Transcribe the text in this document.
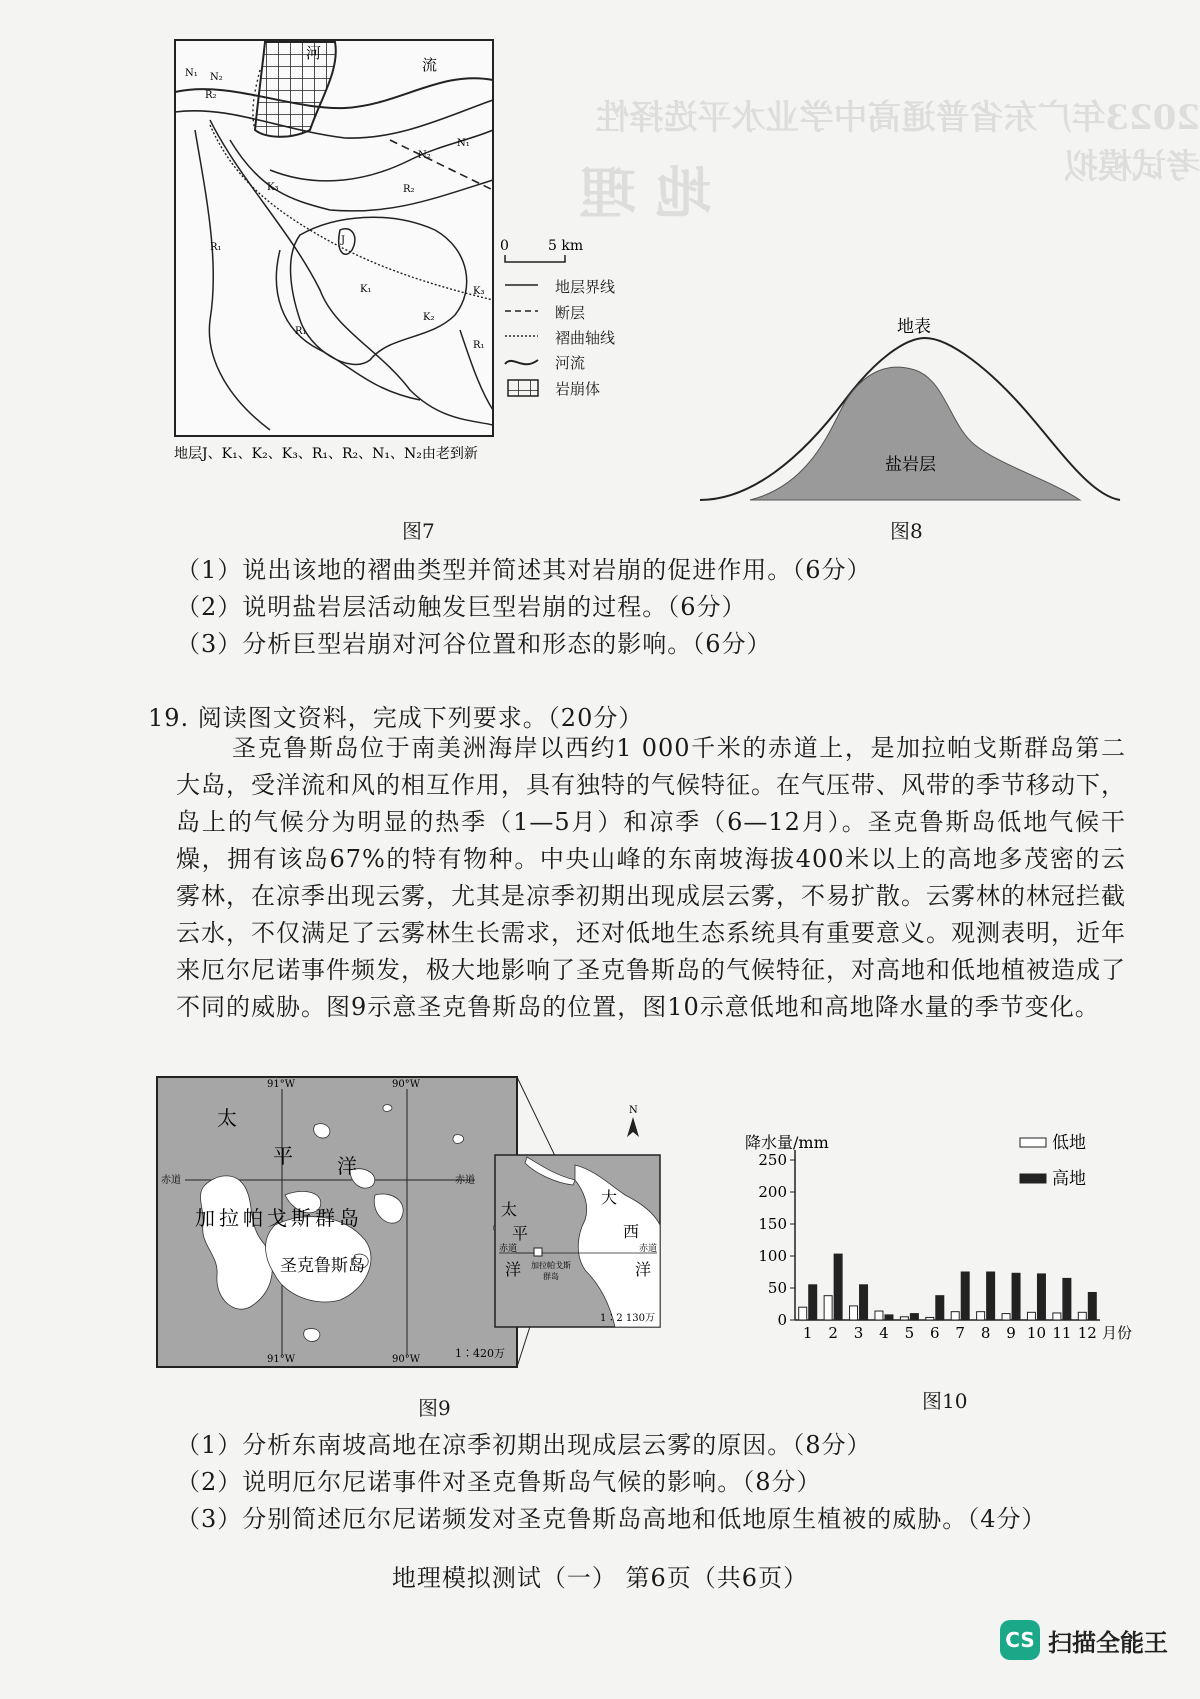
2023年广东省普通高中学业水平选择性考试模拟
地 理
N₁ N₂
R₂
N₂
N₁
K₃	R₂
R₁
J
K₁	K₃
K₂
R₁
R₁
河
流
地层J、K₁、K₂、K₃、R₁、R₂、N₁、N₂由老到新
0	5 km
地层界线
断层
褶曲轴线
河流
岩崩体
图7
地表
盐岩层
图8
（1）说出该地的褶曲类型并简述其对岩崩的促进作用。（6分）
（2）说明盐岩层活动触发巨型岩崩的过程。（6分）
（3）分析巨型岩崩对河谷位置和形态的影响。（6分）
19. 阅读图文资料，完成下列要求。（20分）
圣克鲁斯岛位于南美洲海岸以西约1 000千米的赤道上，是加拉帕戈斯群岛第二大岛，受洋流和风的相互作用，具有独特的气候特征。在气压带、风带的季节移动下，岛上的气候分为明显的热季（1—5月）和凉季（6—12月）。圣克鲁斯岛低地气候干燥，拥有该岛67%的特有物种。中央山峰的东南坡海拔400米以上的高地多茂密的云雾林，在凉季出现云雾，尤其是凉季初期出现成层云雾，不易扩散。云雾林的林冠拦截云水，不仅满足了云雾林生长需求，还对低地生态系统具有重要意义。观测表明，近年来厄尔尼诺事件频发，极大地影响了圣克鲁斯岛的气候特征，对高地和低地植被造成了不同的威胁。图9示意圣克鲁斯岛的位置，图10示意低地和高地降水量的季节变化。
91°W	90°W
91°W	90°W
赤道	赤道
太
平 洋
加拉帕戈斯群岛
圣克鲁斯岛
1∶420万
太
平
洋
大
西
洋
赤道	赤道
加拉帕戈斯
群岛
1∶2 130万
N
图9
0
50
100
150
200
250
降水量/mm
1 2 3 4 5 6 7 8 9 10 11 12 月份
低地
高地
图10
（1）分析东南坡高地在凉季初期出现成层云雾的原因。（8分）
（2）说明厄尔尼诺事件对圣克鲁斯岛气候的影响。（8分）
（3）分别简述厄尔尼诺频发对圣克鲁斯岛高地和低地原生植被的威胁。（4分）
地理模拟测试（一） 第6页（共6页）
CS 扫描全能王
